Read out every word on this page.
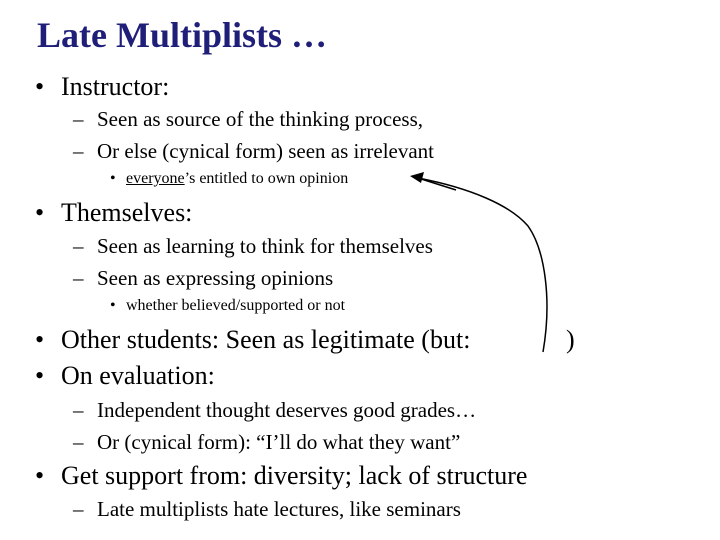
Late Multiplists …
• Instructor:
– Seen as source of the thinking process,
– Or else (cynical form) seen as irrelevant
• everyone’s entitled to own opinion
• Themselves:
– Seen as learning to think for themselves
– Seen as expressing opinions
• whether believed/supported or not
• Other students: Seen as legitimate (but:	)
• On evaluation:
– Independent thought deserves good grades…
– Or (cynical form): “I’ll do what they want”
• Get support from: diversity; lack of structure
– Late multiplists hate lectures, like seminars
